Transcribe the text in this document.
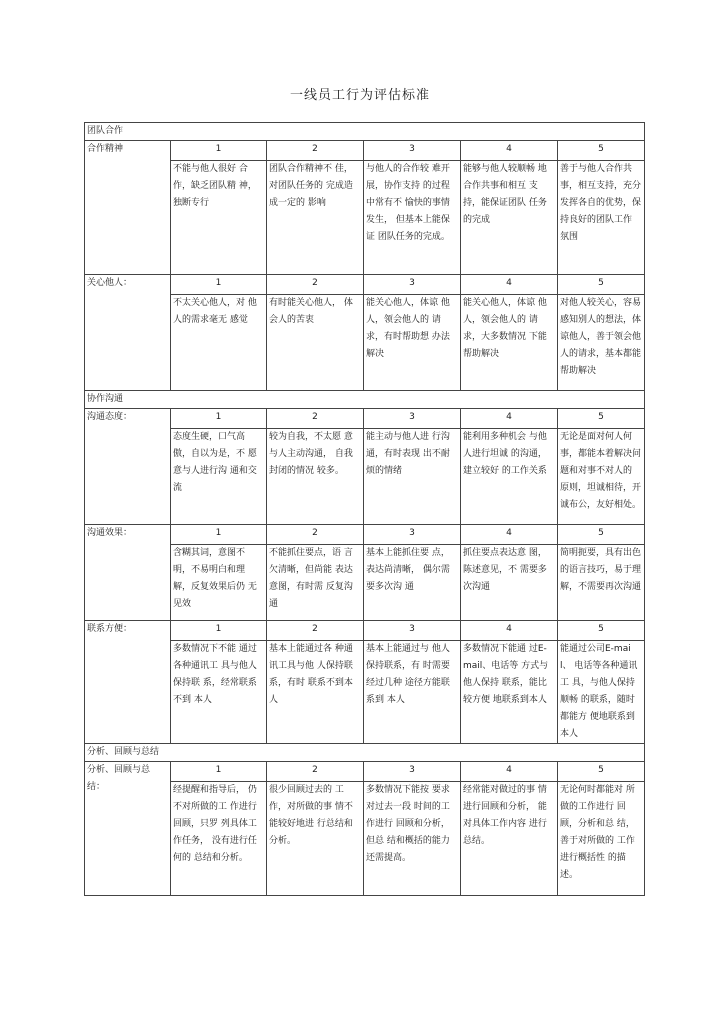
一线员工行为评估标准
团队合作					
合作精神	1	2	3	4	5
	不能与他人很好 合作，缺乏团队精 神，独断专行	团队合作精神不 佳，对团队任务的 完成造成一定的 影响	与他人的合作较 难开展，协作支持 的过程中常有不 愉快的事情发生， 但基本上能保证 团队任务的完成。	能够与他人较顺畅 地合作共事和相互 支持，能保证团队 任务的完成	善于与他人合作共 事，相互支持，充分 发挥各自的优势，保 持良好的团队工作 氛围
关心他人：	1	2	3	4	5
	不太关心他人，对 他人的需求毫无 感觉	有时能关心他人， 体会人的苦衷	能关心他人，体谅 他人，领会他人的 请求，有时帮助想 办法解决	能关心他人，体谅 他人，领会他人的 请求，大多数情况 下能帮助解决	对他人较关心，容易 感知别人的想法，体 谅他人，善于领会他 人的请求，基本都能 帮助解决
协作沟通					
沟通态度：	1	2	3	4	5
	态度生硬，口气高 傲，自以为是，不 愿意与人进行沟 通和交流	较为自我，不太愿 意与人主动沟通， 自我封闭的情况 较多。	能主动与他人进 行沟通，有时表现 出不耐烦的情绪	能利用多种机会 与他人进行坦诚 的沟通，建立较好 的工作关系	无论是面对何人何 事，都能本着解决问 题和对事不对人的 原则，坦诚相待，开 诚布公，友好相处。
沟通效果：	1	2	3	4	5
	含糊其词，意图不 明，不易明白和理 解，反复效果后仍 无见效	不能抓住要点，语 言欠清晰，但尚能 表达意图，有时需 反复沟通	基本上能抓住要 点，表达尚清晰， 偶尔需要多次沟 通	抓住要点表达意 图，陈述意见，不 需要多次沟通	简明扼要，具有出色 的语言技巧，易于理 解，不需要再次沟通
联系方便：	1	2	3	4	5
	多数情况下不能 通过各种通讯工 具与他人保持联 系，经常联系不到 本人	基本上能通过各 种通讯工具与他 人保持联系，有时 联系不到本人	基本上能通过与 他人保持联系，有 时需要经过几种 途径方能联系到 本人	多数情况下能通 过E-mail、电话等 方式与他人保持 联系，能比较方便 地联系到本人	能通过公司E-mail、 电话等各种通讯工 具，与他人保持顺畅 的联系，随时都能方 便地联系到本人
分析、回顾与总结					
分析、回顾与总 结：	1	2	3	4	5
	经提醒和指导后， 仍不对所做的工 作进行回顾，只罗 列具体工作任务， 没有进行任何的 总结和分析。	很少回顾过去的 工作，对所做的事 情不能较好地进 行总结和分析。	多数情况下能按 要求对过去一段 时间的工作进行 回顾和分析，但总 结和概括的能力 还需提高。	经常能对做过的事 情进行回顾和分析， 能对具体工作内容 进行总结。	无论何时都能对 所做的工作进行 回顾，分析和总 结，善于对所做的 工作进行概括性 的描述。
